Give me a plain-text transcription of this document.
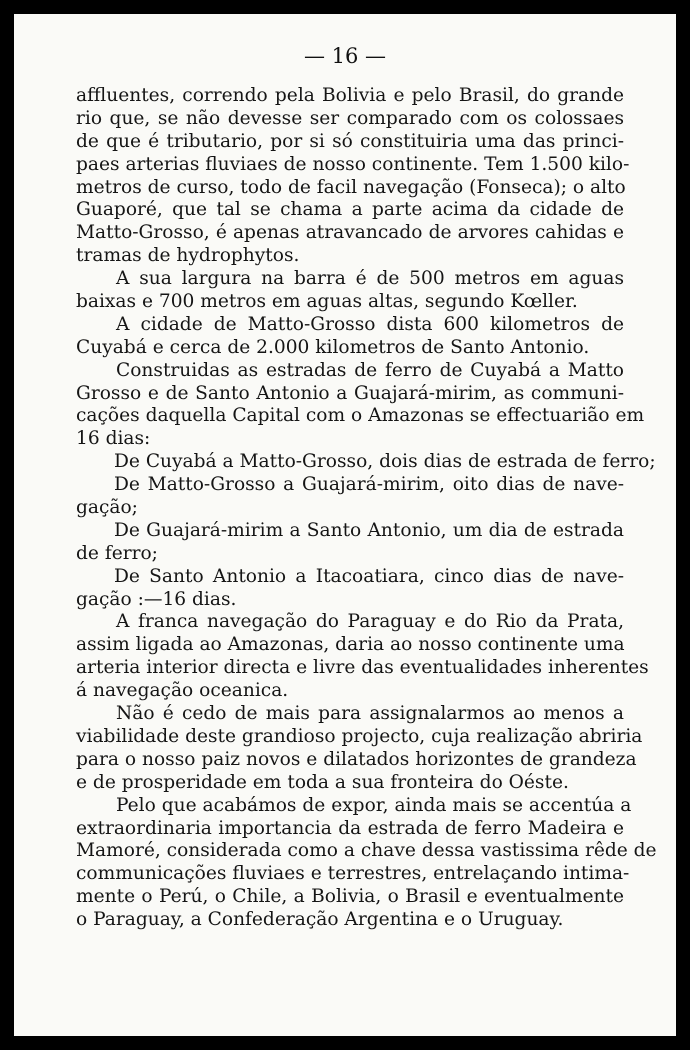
— 16 —
affluentes, correndo pela Bolivia e pelo Brasil, do grande
rio que, se não devesse ser comparado com os colossaes
de que é tributario, por si só constituiria uma das princi-
paes arterias fluviaes de nosso continente. Tem 1.500 kilo-
metros de curso, todo de facil navegação (Fonseca); o alto
Guaporé, que tal se chama a parte acima da cidade de
Matto-Grosso, é apenas atravancado de arvores cahidas e
tramas de hydrophytos.
A sua largura na barra é de 500 metros em aguas
baixas e 700 metros em aguas altas, segundo Kœller.
A cidade de Matto-Grosso dista 600 kilometros de
Cuyabá e cerca de 2.000 kilometros de Santo Antonio.
Construidas as estradas de ferro de Cuyabá a Matto
Grosso e de Santo Antonio a Guajará-mirim, as communi-
cações daquella Capital com o Amazonas se effectuarião em
16 dias:
De Cuyabá a Matto-Grosso, dois dias de estrada de ferro;
De Matto-Grosso a Guajará-mirim, oito dias de nave-
gação;
De Guajará-mirim a Santo Antonio, um dia de estrada
de ferro;
De Santo Antonio a Itacoatiara, cinco dias de nave-
gação :—16 dias.
A franca navegação do Paraguay e do Rio da Prata,
assim ligada ao Amazonas, daria ao nosso continente uma
arteria interior directa e livre das eventualidades inherentes
á navegação oceanica.
Não é cedo de mais para assignalarmos ao menos a
viabilidade deste grandioso projecto, cuja realização abriria
para o nosso paiz novos e dilatados horizontes de grandeza
e de prosperidade em toda a sua fronteira do Oéste.
Pelo que acabámos de expor, ainda mais se accentúa a
extraordinaria importancia da estrada de ferro Madeira e
Mamoré, considerada como a chave dessa vastissima rêde de
communicações fluviaes e terrestres, entrelaçando intima-
mente o Perú, o Chile, a Bolivia, o Brasil e eventualmente
o Paraguay, a Confederação Argentina e o Uruguay.
